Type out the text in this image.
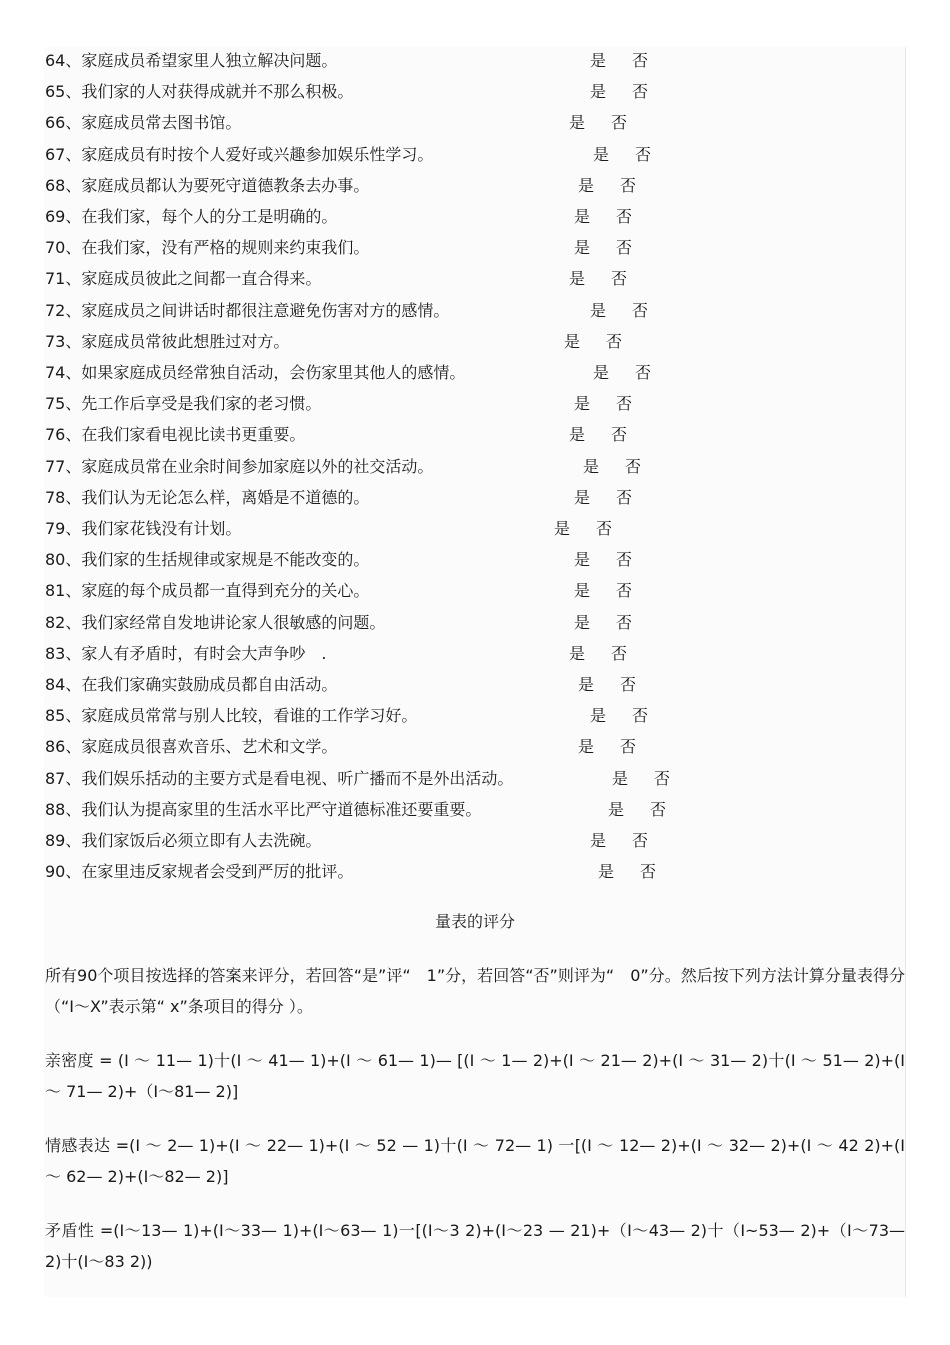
64、家庭成员希望家里人独立解决问题。	是 否
65、我们家的人对获得成就并不那么积极。	是 否
66、家庭成员常去图书馆。	是 否
67、家庭成员有时按个人爱好或兴趣参加娱乐性学习。	是 否
68、家庭成员都认为要死守道德教条去办事。	是 否
69、在我们家，每个人的分工是明确的。	是 否
70、在我们家，没有严格的规则来约束我们。	是 否
71、家庭成员彼此之间都一直合得来。	是 否
72、家庭成员之间讲话时都很注意避免伤害对方的感情。	是 否
73、家庭成员常彼此想胜过对方。	是 否
74、如果家庭成员经常独自活动，会伤家里其他人的感情。	是 否
75、先工作后享受是我们家的老习惯。	是 否
76、在我们家看电视比读书更重要。	是 否
77、家庭成员常在业余时间参加家庭以外的社交活动。	是 否
78、我们认为无论怎么样，离婚是不道德的。	是 否
79、我们家花钱没有计划。	是 否
80、我们家的生括规律或家规是不能改变的。	是 否
81、家庭的每个成员都一直得到充分的关心。	是 否
82、我们家经常自发地讲论家人很敏感的问题。	是 否
83、家人有矛盾时，有时会大声争吵　.	是 否
84、在我们家确实鼓励成员都自由活动。	是 否
85、家庭成员常常与别人比较，看谁的工作学习好。	是 否
86、家庭成员很喜欢音乐、艺术和文学。	是 否
87、我们娱乐括动的主要方式是看电视、听广播而不是外出活动。	是 否
88、我们认为提高家里的生活水平比严守道德标准还要重要。	是 否
89、我们家饭后必须立即有人去洗碗。	是 否
90、在家里违反家规者会受到严厉的批评。	是 否
量表的评分
所有90个项目按选择的答案来评分，若回答“是”评“　1”分，若回答“否”则评为“　0”分。然后按下列方法计算分量表得分（“I～X”表示第“ x”条项目的得分 ）。
亲密度 = (I ～ 11— 1)十(I ～ 41— 1)+(I ～ 61— 1)— [(I ～ 1— 2)+(I ～ 21— 2)+(I ～ 31— 2)十(I ～ 51— 2)+(I ～ 71— 2)+（I～81— 2)]
情感表达 =(I ～ 2— 1)+(I ～ 22— 1)+(I ～ 52 — 1)十(I ～ 72— 1) 一[(I ～ 12— 2)+(I ～ 32— 2)+(I ～ 42 2)+(I ～ 62— 2)+(I～82— 2)]
矛盾性 =(I～13— 1)+(I～33— 1)+(I～63— 1)一[(I～3 2)+(I～23 — 21)+（I～43— 2)十（I~53— 2)+（I～73— 2)十(I～83 2))
